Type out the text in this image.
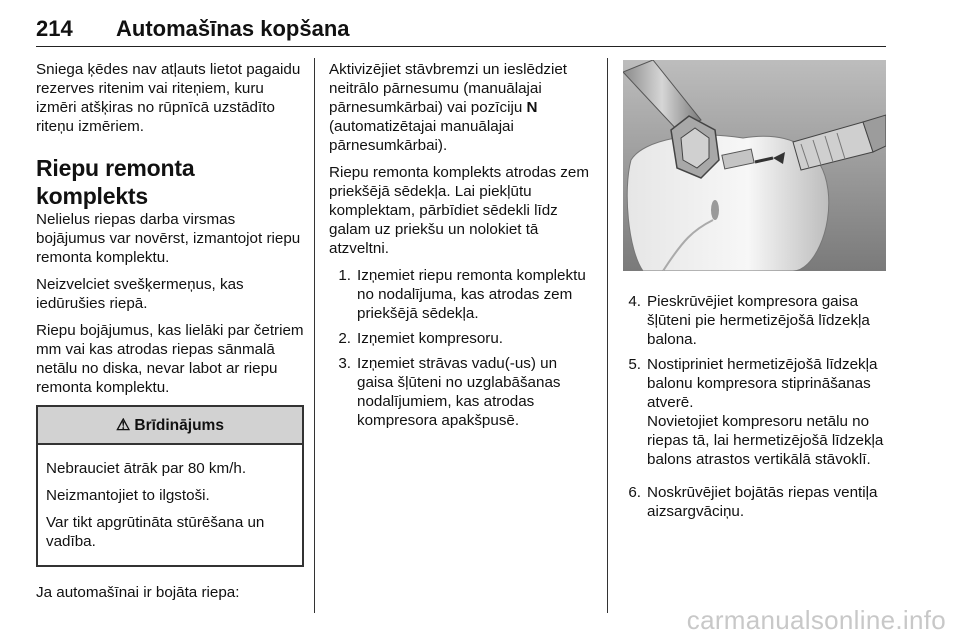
214 Automašīnas kopšana

Sniega ķēdes nav atļauts lietot pagaidu rezerves ritenim vai riteņiem, kuru izmēri atšķiras no rūpnīcā uzstādīto riteņu izmēriem.

Riepu remonta komplekts

Nelielus riepas darba virsmas bojājumus var novērst, izmantojot riepu remonta komplektu.

Neizvelciet svešķermeņus, kas iedūrušies riepā.

Riepu bojājumus, kas lielāki par četriem mm vai kas atrodas riepas sānmalā netālu no diska, nevar labot ar riepu remonta komplektu.

⚠ Brīdinājums

Nebrauciet ātrāk par 80 km/h.

Neizmantojiet to ilgstoši.

Var tikt apgrūtināta stūrēšana un vadība.

Ja automašīnai ir bojāta riepa:

Aktivizējiet stāvbremzi un ieslēdziet neitrālo pārnesumu (manuālajai pārnesumkārbai) vai pozīciju N (automatizētajai manuālajai pārnesumkārbai).

Riepu remonta komplekts atrodas zem priekšējā sēdekļa. Lai piekļūtu komplektam, pārbīdiet sēdekli līdz galam uz priekšu un nolokiet tā atzveltni.

1. Izņemiet riepu remonta komplektu no nodalījuma, kas atrodas zem priekšējā sēdekļa.
2. Izņemiet kompresoru.
3. Izņemiet strāvas vadu(-us) un gaisa šļūteni no uzglabāšanas nodalījumiem, kas atrodas kompresora apakšpusē.
4. Pieskrūvējiet kompresora gaisa šļūteni pie hermetizējošā līdzekļa balona.
5. Nostipriniet hermetizējošā līdzekļa balonu kompresora stiprināšanas atverē.

Novietojiet kompresoru netālu no riepas tā, lai hermetizējošā līdzekļa balons atrastos vertikālā stāvoklī.

6. Noskrūvējiet bojātās riepas ventiļa aizsargvāciņu.
carmanualsonline.info
